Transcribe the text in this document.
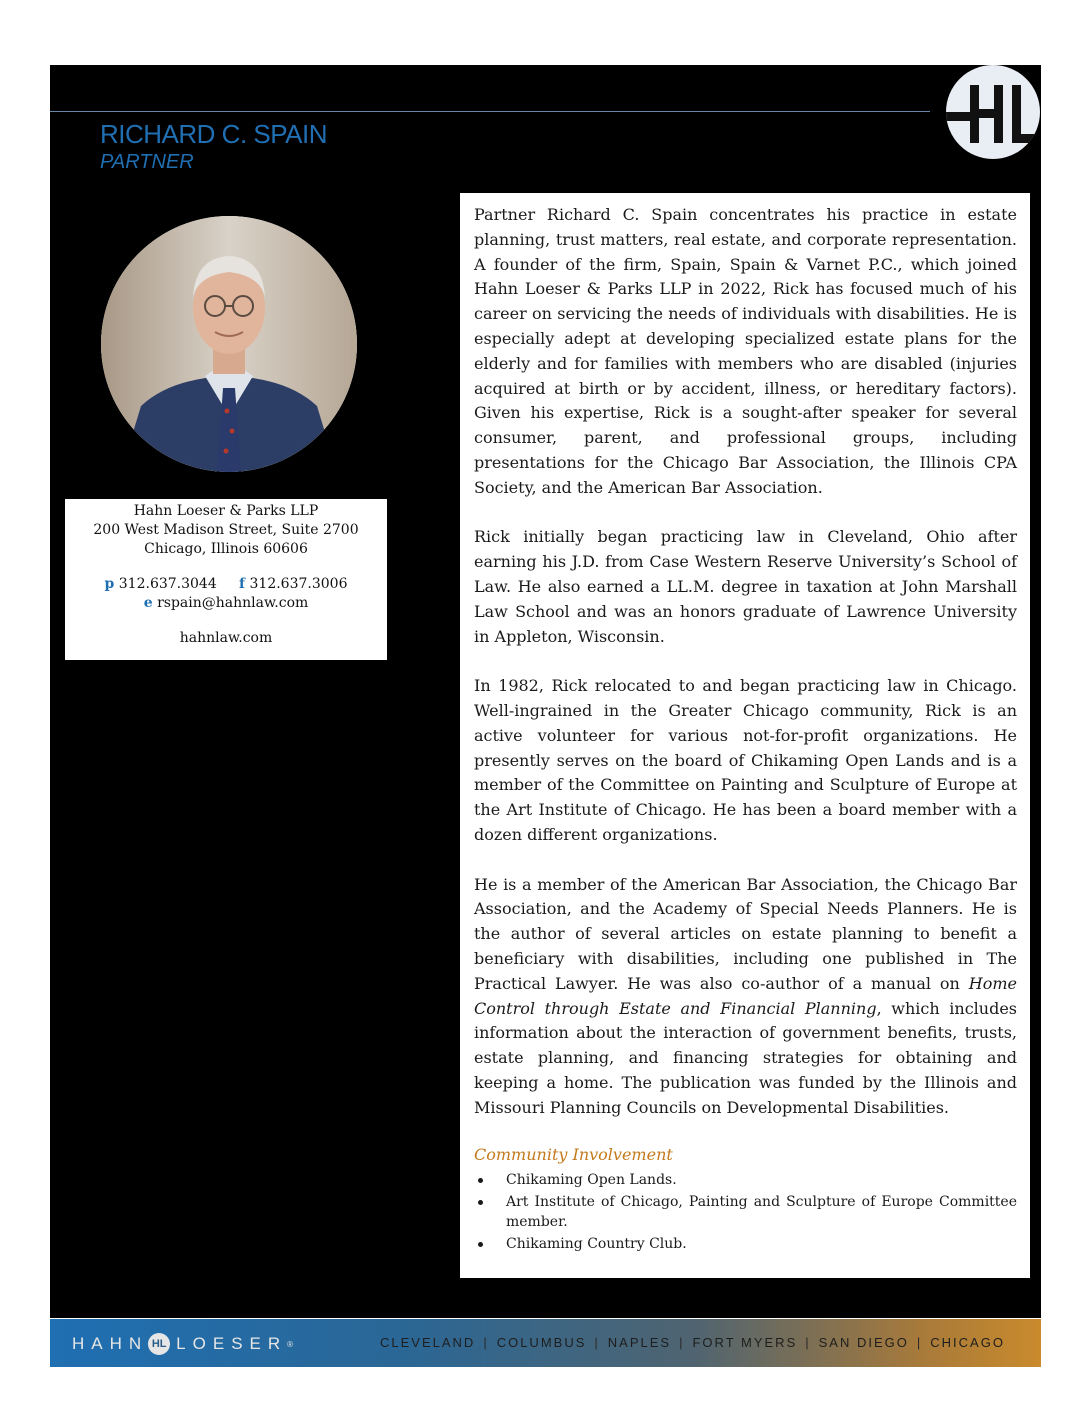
RICHARD C. SPAIN
PARTNER
Hahn Loeser & Parks LLP
200 West Madison Street, Suite 2700
Chicago, Illinois 60606
p 312.637.3044 f 312.637.3006
e rspain@hahnlaw.com
hahnlaw.com

Partner Richard C. Spain concentrates his practice in estate planning, trust matters, real estate, and corporate representation. A founder of the firm, Spain, Spain & Varnet P.C., which joined Hahn Loeser & Parks LLP in 2022, Rick has focused much of his career on servicing the needs of individuals with disabilities. He is especially adept at developing specialized estate plans for the elderly and for families with members who are disabled (injuries acquired at birth or by accident, illness, or hereditary factors). Given his expertise, Rick is a sought-after speaker for several consumer, parent, and professional groups, including presentations for the Chicago Bar Association, the Illinois CPA Society, and the American Bar Association.

Rick initially began practicing law in Cleveland, Ohio after earning his J.D. from Case Western Reserve University’s School of Law. He also earned a LL.M. degree in taxation at John Marshall Law School and was an honors graduate of Lawrence University in Appleton, Wisconsin.

In 1982, Rick relocated to and began practicing law in Chicago. Well-ingrained in the Greater Chicago community, Rick is an active volunteer for various not-for-profit organizations. He presently serves on the board of Chikaming Open Lands and is a member of the Committee on Painting and Sculpture of Europe at the Art Institute of Chicago. He has been a board member with a dozen different organizations.

He is a member of the American Bar Association, the Chicago Bar Association, and the Academy of Special Needs Planners. He is the author of several articles on estate planning to benefit a beneficiary with disabilities, including one published in The Practical Lawyer. He was also co-author of a manual on Home Control through Estate and Financial Planning, which includes information about the interaction of government benefits, trusts, estate planning, and financing strategies for obtaining and keeping a home. The publication was funded by the Illinois and Missouri Planning Councils on Developmental Disabilities.

Community Involvement
Chikaming Open Lands.
Art Institute of Chicago, Painting and Sculpture of Europe Committee member.
Chikaming Country Club.
HAHN HL LOESER ®	CLEVELAND | COLUMBUS | NAPLES | FORT MYERS | SAN DIEGO | CHICAGO
